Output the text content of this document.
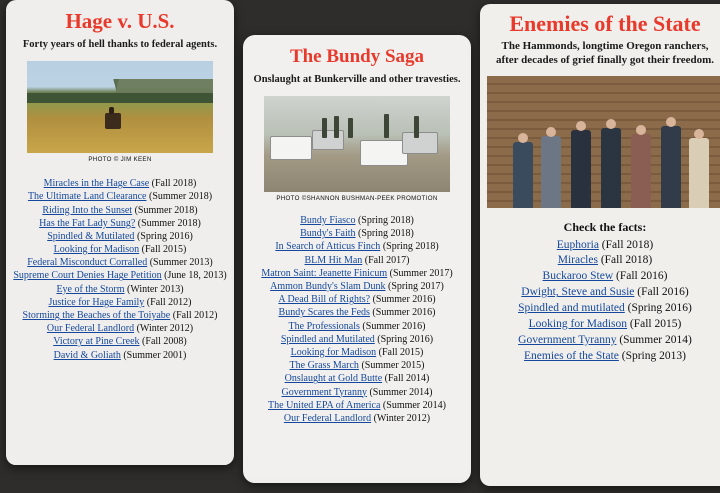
Hage v. U.S.
Forty years of hell thanks to federal agents.
PHOTO © JIM KEEN
Miracles in the Hage Case (Fall 2018)
The Ultimate Land Clearance (Summer 2018)
Riding Into the Sunset (Summer 2018)
Has the Fat Lady Sung? (Summer 2018)
Spindled & Mutilated (Spring 2016)
Looking for Madison (Fall 2015)
Federal Misconduct Corralled (Summer 2013)
Supreme Court Denies Hage Petition (June 18, 2013)
Eye of the Storm (Winter 2013)
Justice for Hage Family (Fall 2012)
Storming the Beaches of the Toiyabe (Fall 2012)
Our Federal Landlord (Winter 2012)
Victory at Pine Creek (Fall 2008)
David & Goliath (Summer 2001)
The Bundy Saga
Onslaught at Bunkerville and other travesties.
PHOTO ©SHANNON BUSHMAN-PEEK PROMOTION
Bundy Fiasco (Spring 2018)
Bundy's Faith (Spring 2018)
In Search of Atticus Finch (Spring 2018)
BLM Hit Man (Fall 2017)
Matron Saint: Jeanette Finicum (Summer 2017)
Ammon Bundy's Slam Dunk (Spring 2017)
A Dead Bill of Rights? (Summer 2016)
Bundy Scares the Feds (Summer 2016)
The Professionals (Summer 2016)
Spindled and Mutilated (Spring 2016)
Looking for Madison (Fall 2015)
The Grass March (Summer 2015)
Onslaught at Gold Butte (Fall 2014)
Government Tyranny (Summer 2014)
The United EPA of America (Summer 2014)
Our Federal Landlord (Winter 2012)
Enemies of the State
The Hammonds, longtime Oregon ranchers, after decades of grief finally got their freedom.
Check the facts:
Euphoria (Fall 2018)
Miracles (Fall 2018)
Buckaroo Stew (Fall 2016)
Dwight, Steve and Susie (Fall 2016)
Spindled and mutilated (Spring 2016)
Looking for Madison (Fall 2015)
Government Tyranny (Summer 2014)
Enemies of the State (Spring 2013)
